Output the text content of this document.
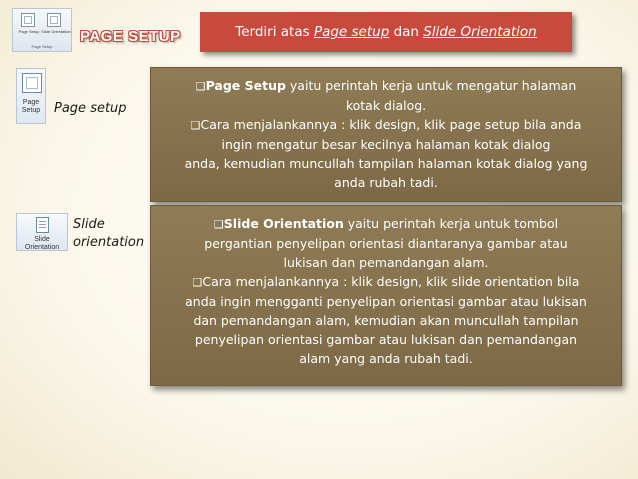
Page Setup Slide Orientation
Page Setup
PAGE SETUP	Terdiri atas Page setup dan Slide Orientation
Page
Setup	Page setup
❑Page Setup yaitu perintah kerja untuk mengatur halaman
kotak dialog.
❑Cara menjalankannya : klik design, klik page setup bila anda
ingin mengatur besar kecilnya halaman kotak dialog
anda, kemudian muncullah tampilan halaman kotak dialog yang
anda rubah tadi.
Slide
Orientation
Slide
orientation
❑Slide Orientation yaitu perintah kerja untuk tombol
pergantian penyelipan orientasi diantaranya gambar atau
lukisan dan pemandangan alam.
❑Cara menjalankannya : klik design, klik slide orientation bila
anda ingin mengganti penyelipan orientasi gambar atau lukisan
dan pemandangan alam, kemudian akan muncullah tampilan
penyelipan orientasi gambar atau lukisan dan pemandangan
alam yang anda rubah tadi.
